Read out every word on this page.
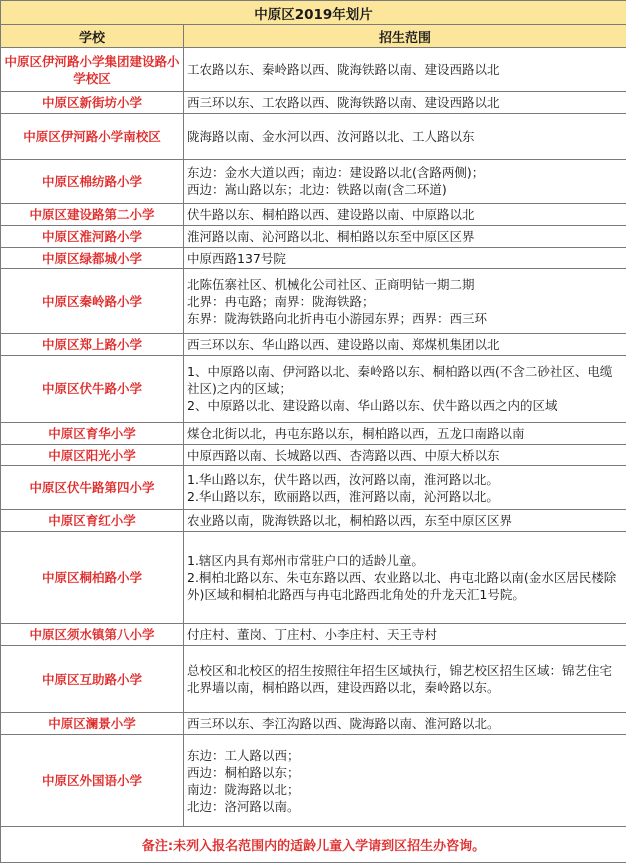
中原区2019年划片	
学校	招生范围
中原区伊河路小学集团建设路小学校区	工农路以东、秦岭路以西、陇海铁路以南、建设西路以北

中原区新街坊小学	西三环以东、工农路以西、陇海铁路以南、建设西路以北

中原区伊河路小学南校区	陇海路以南、金水河以西、汝河路以北、工人路以东

中原区棉纺路小学	东边：金水大道以西；南边：建设路以北(含路两侧)；
西边：嵩山路以东；北边：铁路以南(含二环道)

中原区建设路第二小学	伏牛路以东、桐柏路以西、建设路以南、中原路以北

中原区淮河路小学	淮河路以南、沁河路以北、桐柏路以东至中原区区界

中原区绿都城小学	中原西路137号院

中原区秦岭路小学	北陈伍寨社区、机械化公司社区、正商明钻一期二期
北界：冉屯路；南界：陇海铁路；
东界：陇海铁路向北折冉屯小游园东界；西界：西三环

中原区郑上路小学	西三环以东、华山路以西、建设路以南、郑煤机集团以北

中原区伏牛路小学	1、中原路以南、伊河路以北、秦岭路以东、桐柏路以西(不含二砂社区、电缆社区)之内的区域；
2、中原路以北、建设路以南、华山路以东、伏牛路以西之内的区域

中原区育华小学	煤仓北街以北，冉屯东路以东，桐柏路以西，五龙口南路以南

中原区阳光小学	中原西路以南、长城路以西、杏湾路以西、中原大桥以东

中原区伏牛路第四小学	1.华山路以东，伏牛路以西，汝河路以南，淮河路以北。
2.华山路以东，欧丽路以西，淮河路以南，沁河路以北。

中原区育红小学	农业路以南，陇海铁路以北，桐柏路以西，东至中原区区界

中原区桐柏路小学	1.辖区内具有郑州市常驻户口的适龄儿童。
2.桐柏北路以东、朱屯东路以西、农业路以北、冉屯北路以南(金水区居民楼除外)区域和桐柏北路西与冉屯北路西北角处的升龙天汇1号院。

中原区须水镇第八小学	付庄村、董岗、丁庄村、小李庄村、天王寺村

中原区互助路小学	总校区和北校区的招生按照往年招生区域执行，锦艺校区招生区域：锦艺住宅北界墙以南，桐柏路以西，建设西路以北，秦岭路以东。

中原区澜景小学	西三环以东、李江沟路以西、陇海路以南、淮河路以北。

中原区外国语小学	东边：工人路以西；
西边：桐柏路以东；
南边：陇海路以北；
北边：洛河路以南。

备注:未列入报名范围内的适龄儿童入学请到区招生办咨询。	
